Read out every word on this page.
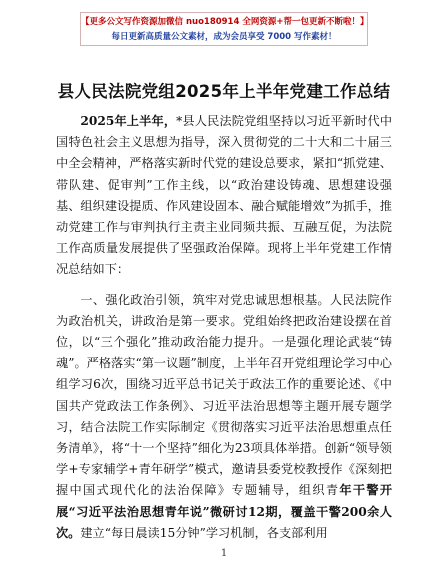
【更多公文写作资源加微信 nuo180914 全网资源+帮一包更新不断啦！】
每日更新高质量公文素材，成为会员享受 7000 写作素材！
县人民法院党组2025年上半年党建工作总结

2025年上半年，*县人民法院党组坚持以习近平新时代中国特色社会主义思想为指导，深入贯彻党的二十大和二十届三中全会精神，严格落实新时代党的建设总要求，紧扣“抓党建、带队建、促审判”工作主线，以“政治建设铸魂、思想建设强基、组织建设提质、作风建设固本、融合赋能增效”为抓手，推动党建工作与审判执行主责主业同频共振、互融互促，为法院工作高质量发展提供了坚强政治保障。现将上半年党建工作情况总结如下：

一、强化政治引领，筑牢对党忠诚思想根基。人民法院作为政治机关，讲政治是第一要求。党组始终把政治建设摆在首位，以“三个强化”推动政治能力提升。一是强化理论武装“铸魂”。严格落实“第一议题”制度，上半年召开党组理论学习中心组学习6次，围绕习近平总书记关于政法工作的重要论述、《中国共产党政法工作条例》、习近平法治思想等主题开展专题学习，结合法院工作实际制定《贯彻落实习近平法治思想重点任务清单》，将“十一个坚持”细化为23项具体举措。创新“领导领学+专家辅学+青年研学”模式，邀请县委党校教授作《深刻把握中国式现代化的法治保障》专题辅导，组织青年干警开展“习近平法治思想青年说”微研讨12期，覆盖干警200余人次。建立“每日晨读15分钟”学习机制，各支部利用

1
